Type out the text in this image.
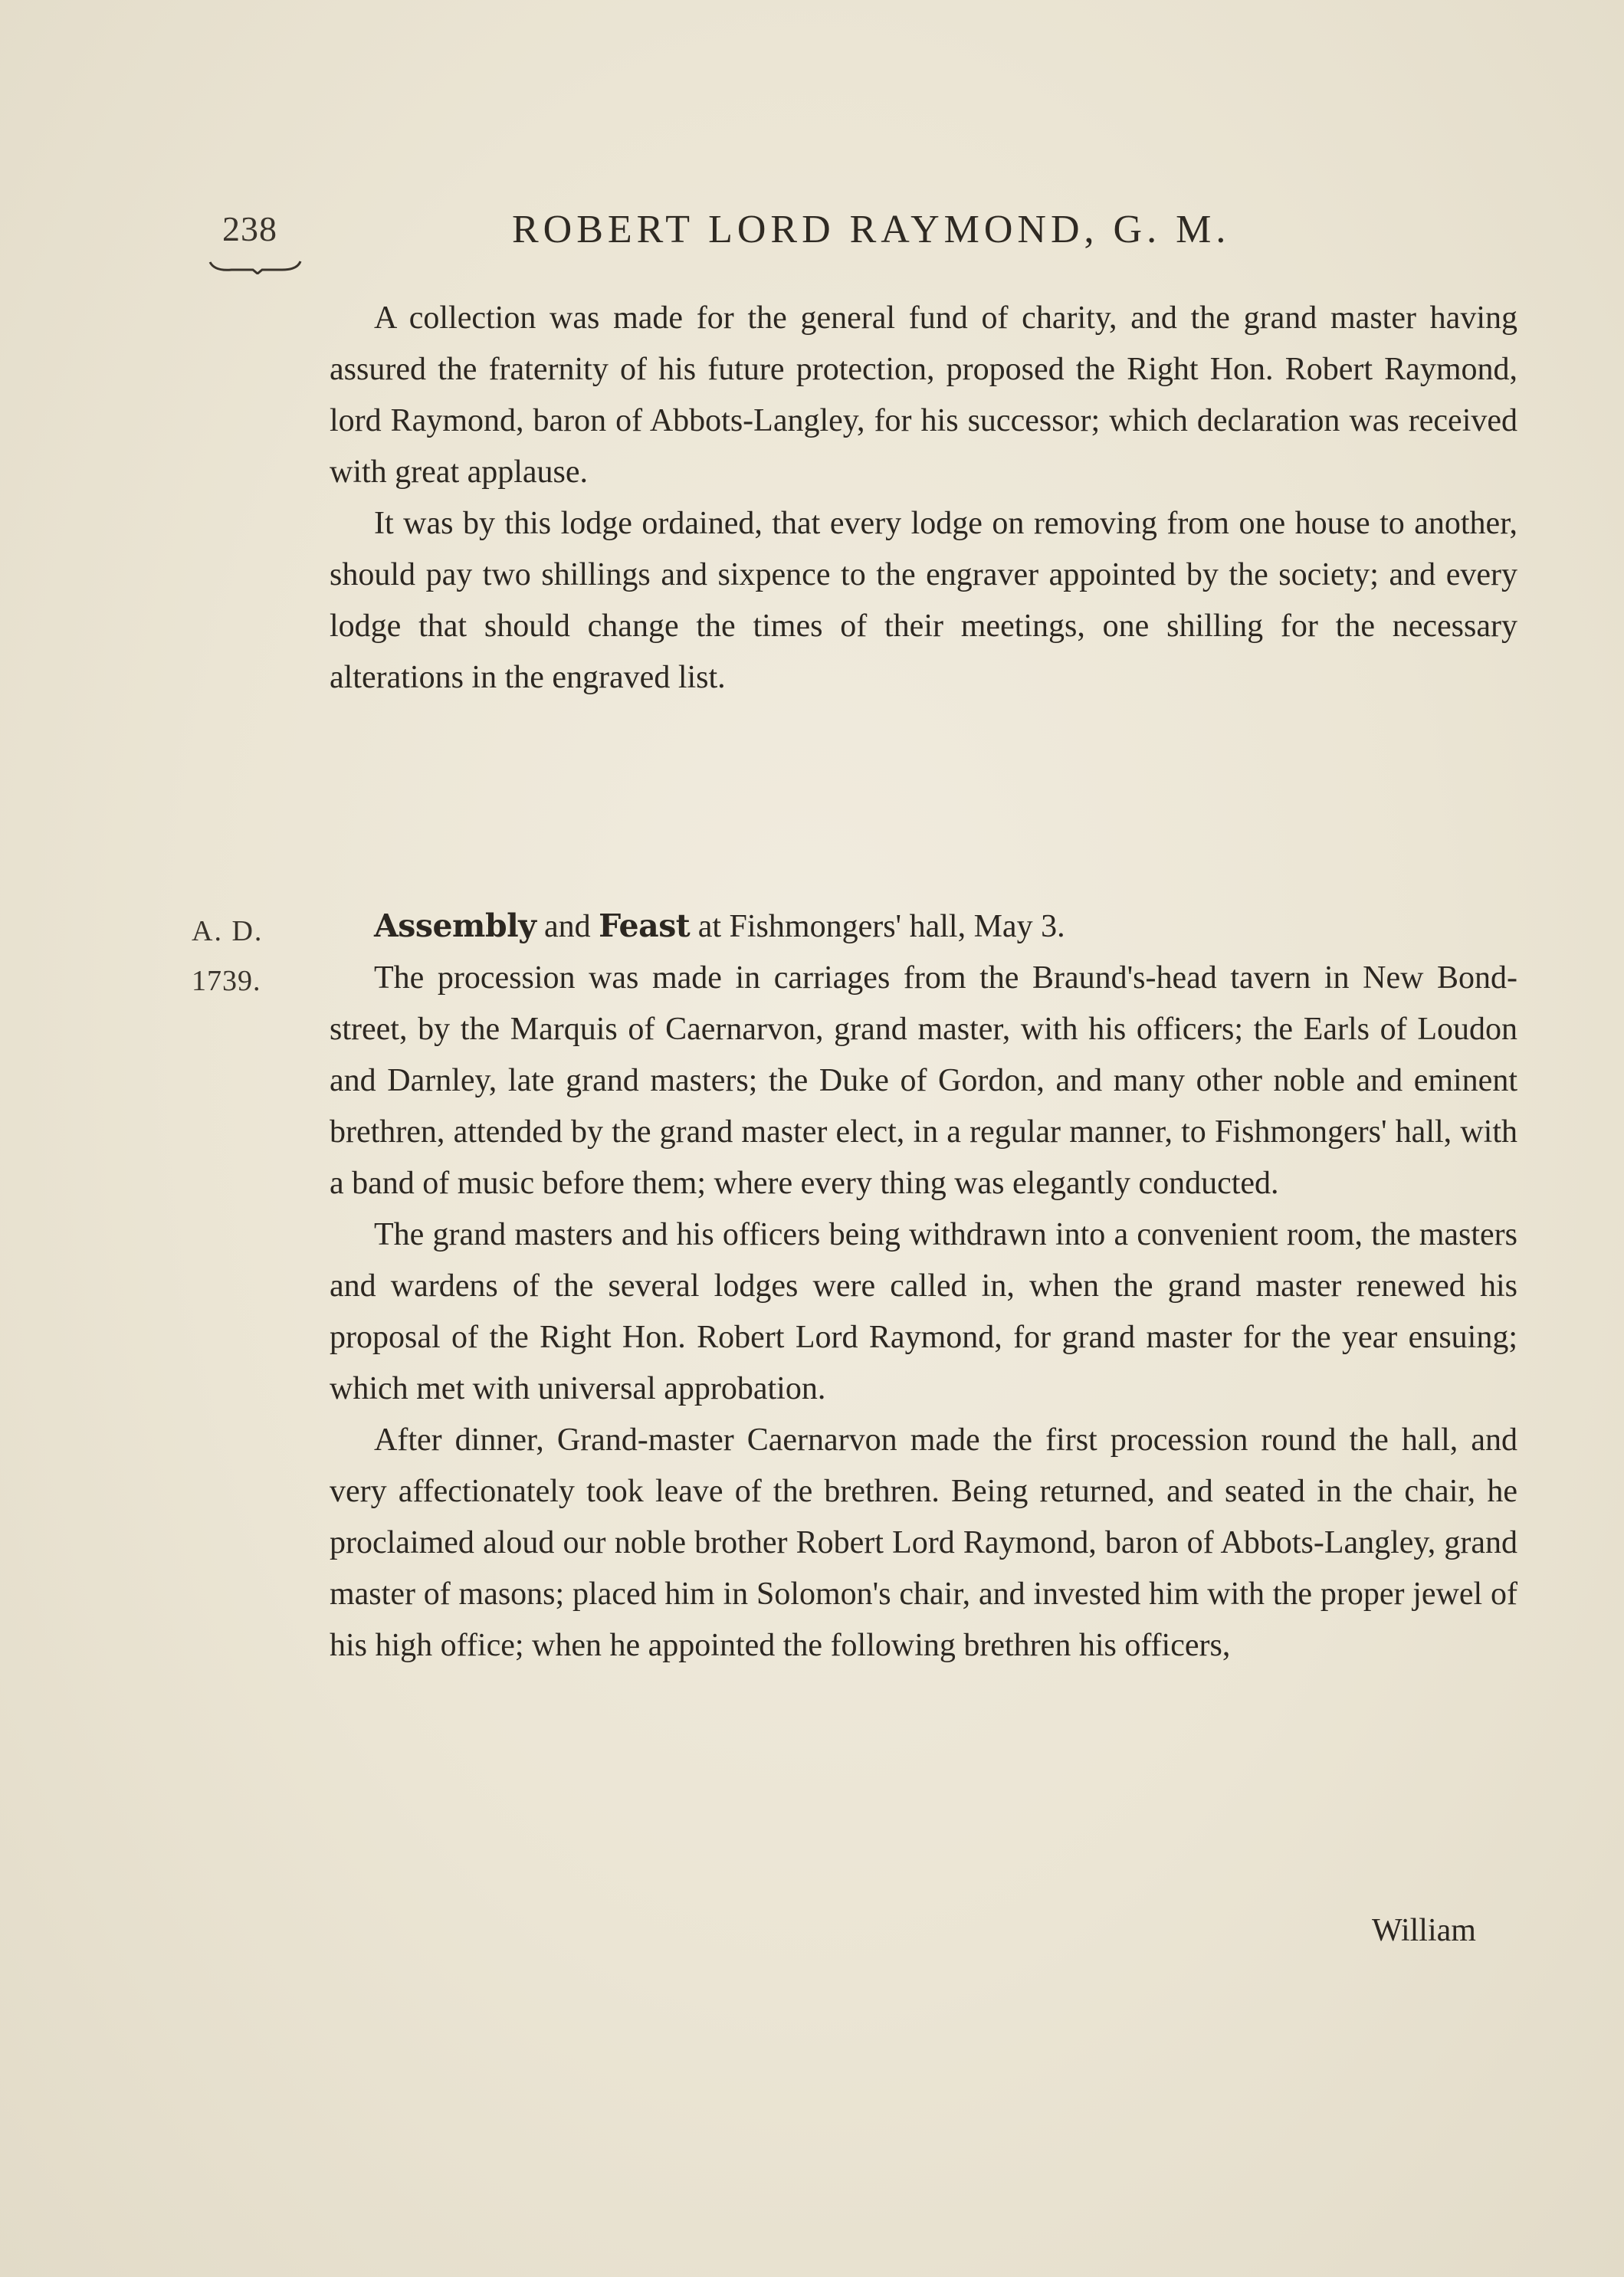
238	ROBERT LORD RAYMOND, G. M.

A collection was made for the general fund of charity, and the grand master having assured the fraternity of his future protection, proposed the Right Hon. Robert Raymond, lord Raymond, baron of Abbots-Langley, for his successor; which declaration was received with great applause.

It was by this lodge ordained, that every lodge on removing from one house to another, should pay two shillings and sixpence to the engraver appointed by the society; and every lodge that should change the times of their meetings, one shilling for the necessary alterations in the engraved list.

A. D.
1739.

Assembly and Feast at Fishmongers' hall, May 3.

The procession was made in carriages from the Braund's-head tavern in New Bond-street, by the Marquis of Caernarvon, grand master, with his officers; the Earls of Loudon and Darnley, late grand masters; the Duke of Gordon, and many other noble and eminent brethren, attended by the grand master elect, in a regular manner, to Fishmongers' hall, with a band of music before them; where every thing was elegantly conducted.

The grand masters and his officers being withdrawn into a convenient room, the masters and wardens of the several lodges were called in, when the grand master renewed his proposal of the Right Hon. Robert Lord Raymond, for grand master for the year ensuing; which met with universal approbation.

After dinner, Grand-master Caernarvon made the first procession round the hall, and very affectionately took leave of the brethren. Being returned, and seated in the chair, he proclaimed aloud our noble brother Robert Lord Raymond, baron of Abbots-Langley, grand master of masons; placed him in Solomon's chair, and invested him with the proper jewel of his high office; when he appointed the following brethren his officers,

William
